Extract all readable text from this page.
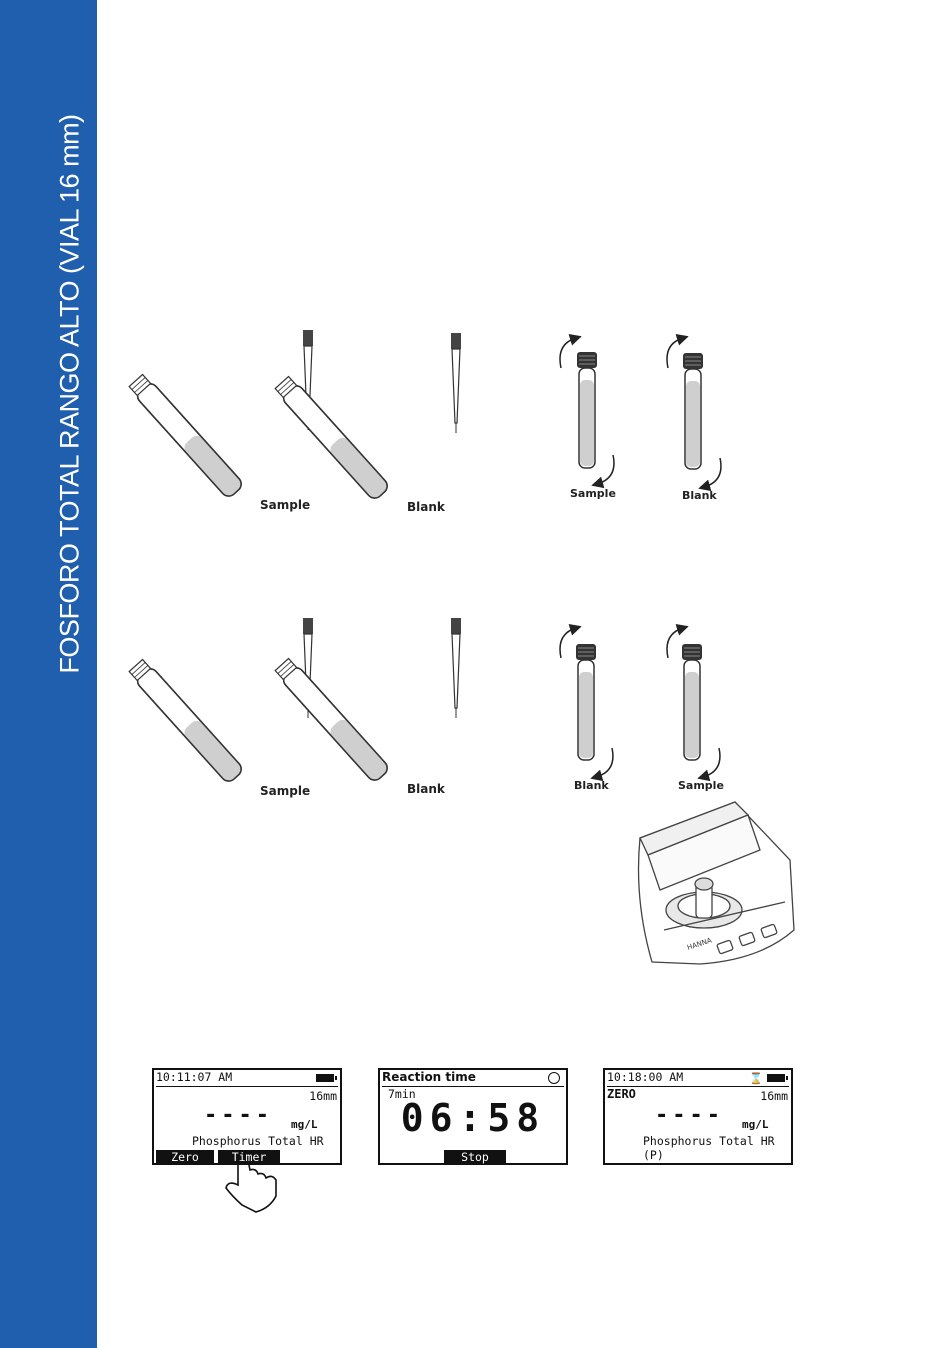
FOSFORO TOTAL RANGO ALTO (VIAL 16 mm)	Sample	Blank
Sample	Blank
Sample	Blank	Blank	Sample
HANNA
10:11:07 AM
16mm
---- mg/L
Phosphorus Total HR
Zero	Timer
Reaction time
7min
06:58
Stop
10:18:00 AM	⌛
ZERO	16mm
---- mg/L
Phosphorus Total HR (P)
